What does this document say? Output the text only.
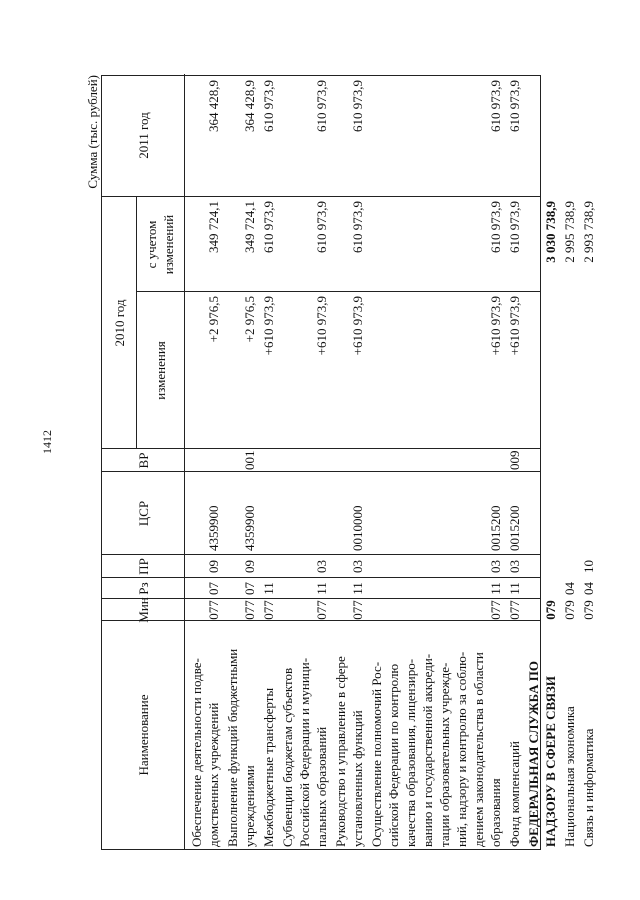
1412
Сумма (тыс. рублей)
Наименование
Мин
Рз
ПР
ЦСР
ВР
2010 год
изменения
с учетом изменений
2011 год
Обеспечение деятельности подве- домственных учреждений
077
07
09
4359900
+2 976,5
349 724,1
364 428,9
Выполнение функций бюджетными учреждениями
077
07
09
4359900
001
+2 976,5
349 724,1
364 428,9
Межбюджетные трансферты
077
11
+610 973,9
610 973,9
610 973,9
Субвенции бюджетам субъектов Российской Федерации и муници- пальных образований
077
11
03
+610 973,9
610 973,9
610 973,9
Руководство и управление в сфере установленных функций
077
11
03
0010000
+610 973,9
610 973,9
610 973,9
Осуществление полномочий Рос- сийской Федерации по контролю качества образования, лицензиро- ванию и государственной аккреди- тации образовательных учрежде- ний, надзору и контролю за соблю- дением законодательства в области образования
077
11
03
0015200
+610 973,9
610 973,9
610 973,9
Фонд компенсаций
077
11
03
0015200
009
+610 973,9
610 973,9
610 973,9
ФЕДЕРАЛЬНАЯ СЛУЖБА ПО НАДЗОРУ В СФЕРЕ СВЯЗИ
079
3 030 738,9
Национальная экономика
079
04
2 995 738,9
Связь и информатика
079
04
10
2 993 738,9
